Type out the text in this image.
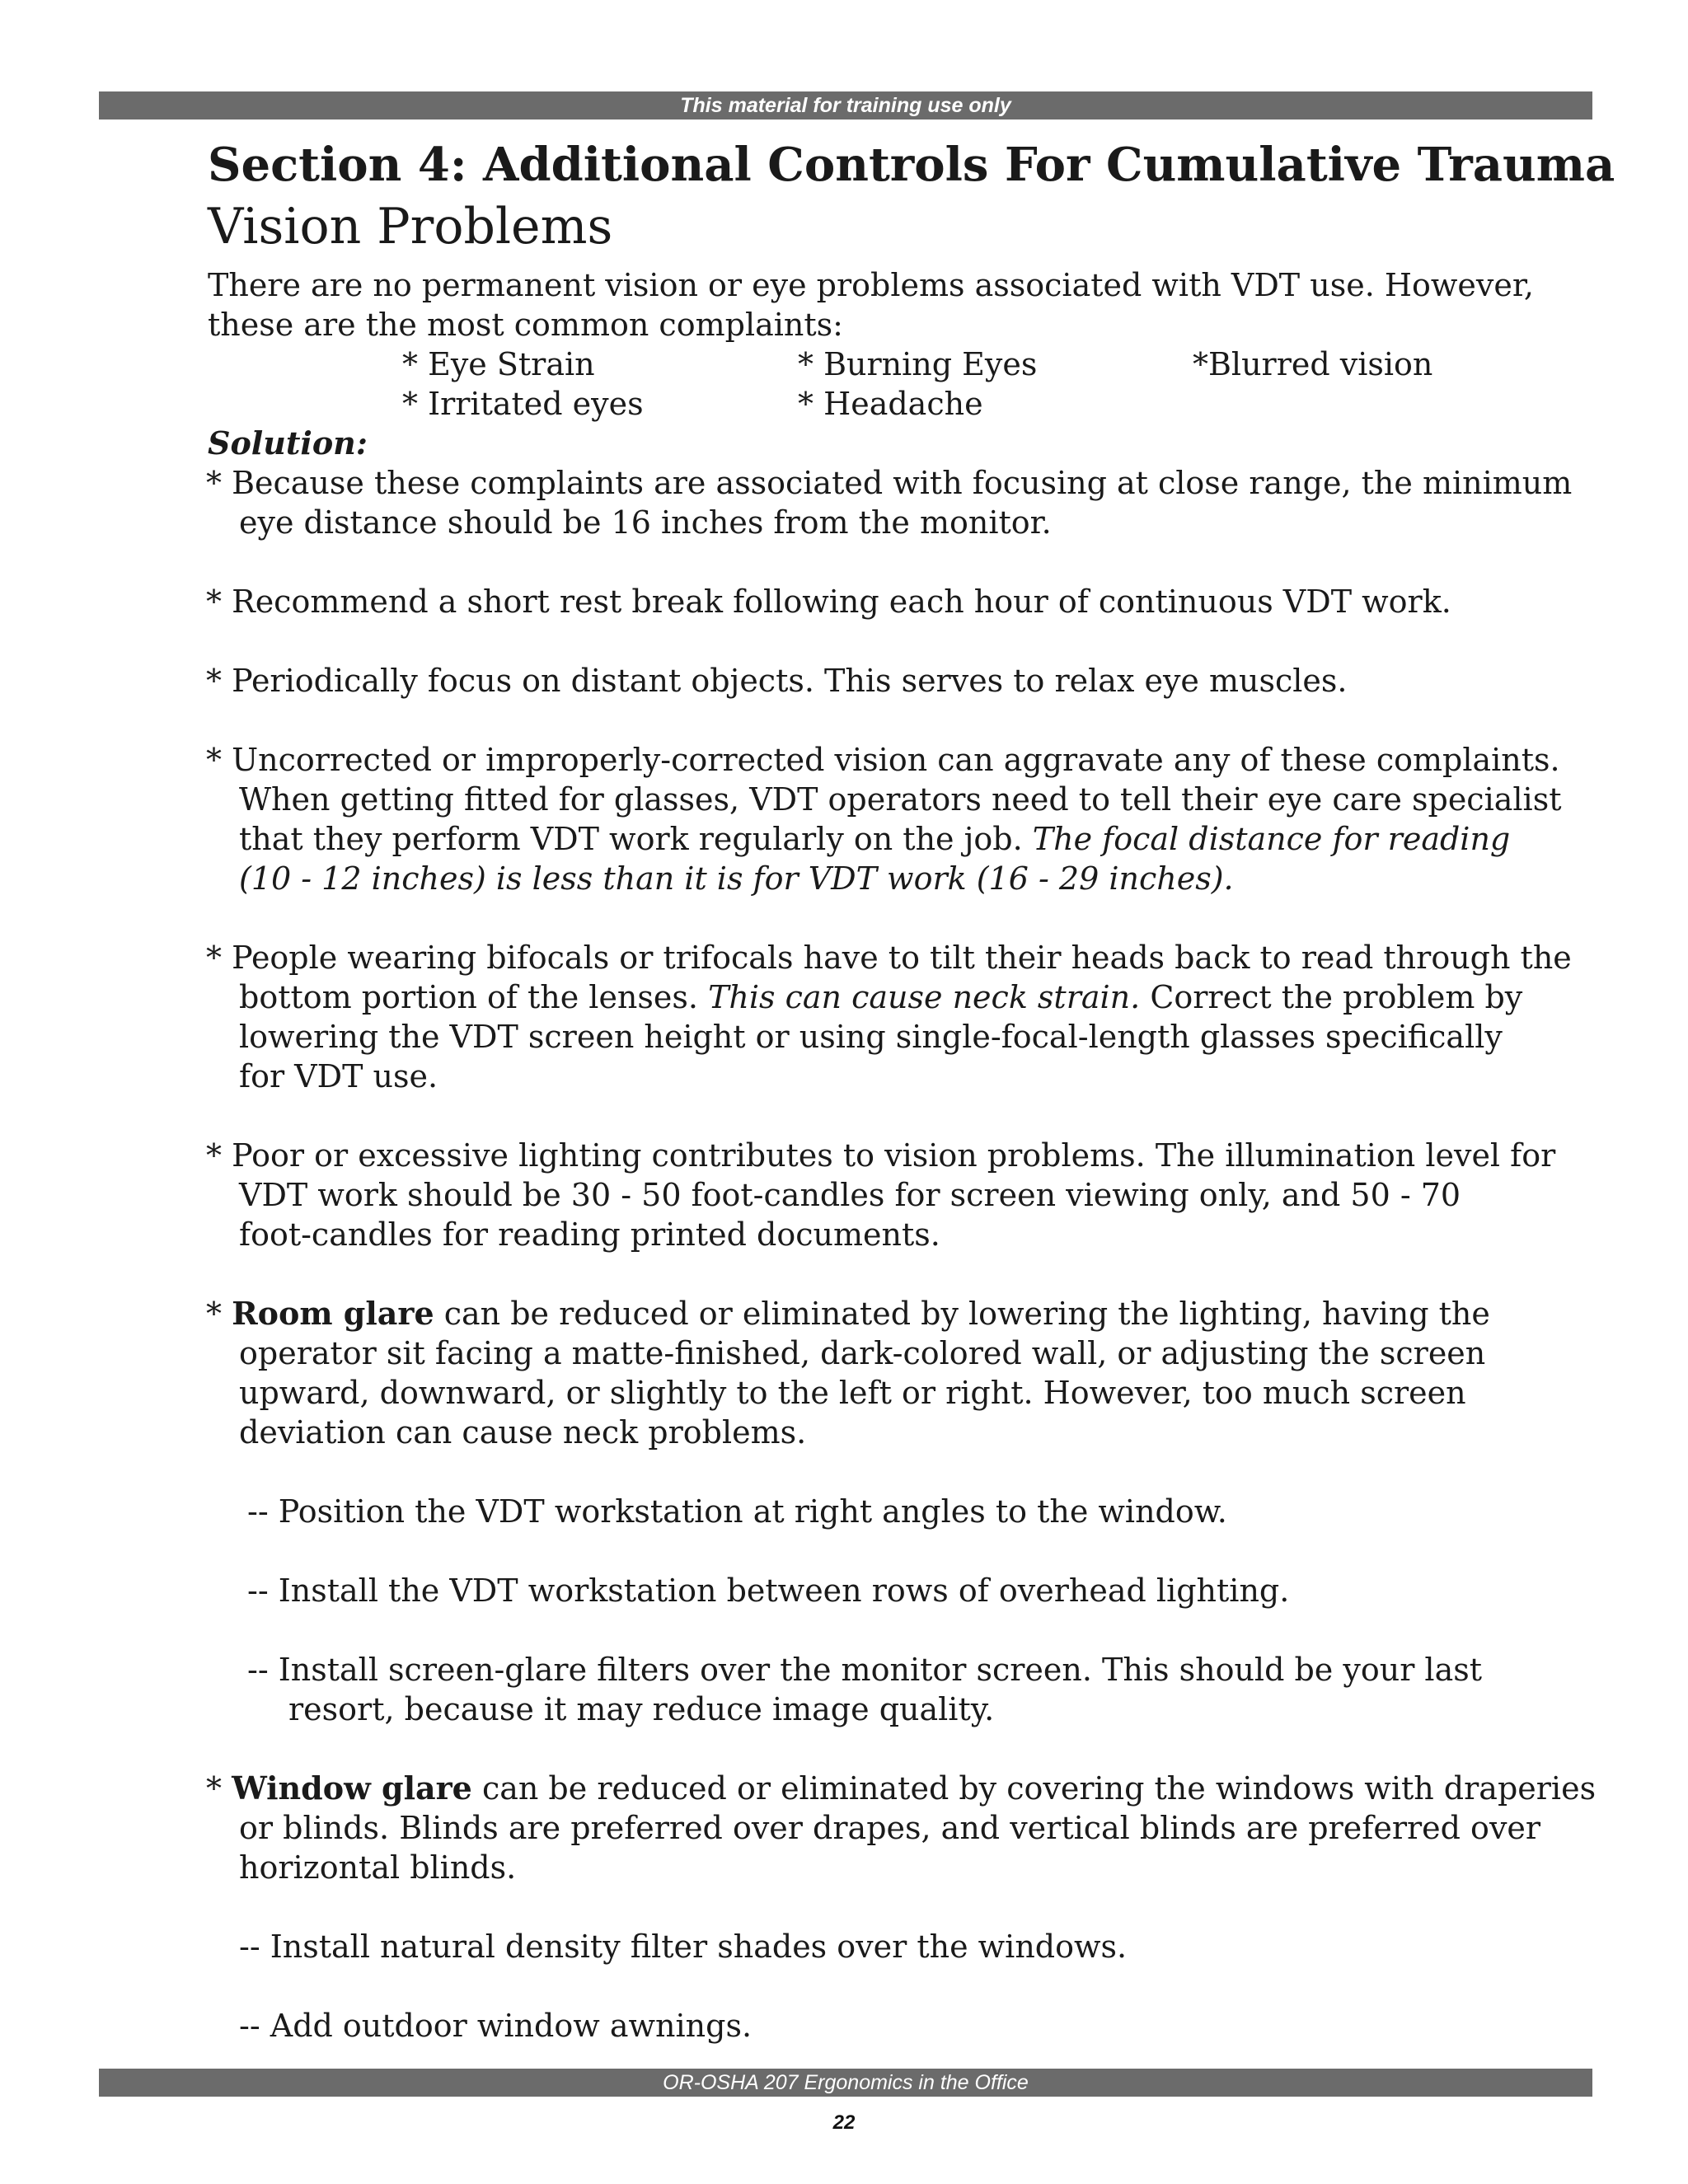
This material for training use only
Section 4: Additional Controls For Cumulative Trauma
Vision Problems
There are no permanent vision or eye problems associated with VDT use. However,
these are the most common complaints:
* Eye Strain	* Burning Eyes	*Blurred vision
* Irritated eyes	* Headache
Solution:
* Because these complaints are associated with focusing at close range, the minimum
eye distance should be 16 inches from the monitor.
* Recommend a short rest break following each hour of continuous VDT work.
* Periodically focus on distant objects. This serves to relax eye muscles.
* Uncorrected or improperly-corrected vision can aggravate any of these complaints.
When getting fitted for glasses, VDT operators need to tell their eye care specialist
that they perform VDT work regularly on the job. The focal distance for reading
(10 - 12 inches) is less than it is for VDT work (16 - 29 inches).
* People wearing bifocals or trifocals have to tilt their heads back to read through the
bottom portion of the lenses. This can cause neck strain. Correct the problem by
lowering the VDT screen height or using single-focal-length glasses specifically
for VDT use.
* Poor or excessive lighting contributes to vision problems. The illumination level for
VDT work should be 30 - 50 foot-candles for screen viewing only, and 50 - 70
foot-candles for reading printed documents.
* Room glare can be reduced or eliminated by lowering the lighting, having the
operator sit facing a matte-finished, dark-colored wall, or adjusting the screen
upward, downward, or slightly to the left or right. However, too much screen
deviation can cause neck problems.
-- Position the VDT workstation at right angles to the window.
-- Install the VDT workstation between rows of overhead lighting.
-- Install screen-glare filters over the monitor screen. This should be your last
resort, because it may reduce image quality.
* Window glare can be reduced or eliminated by covering the windows with draperies
or blinds. Blinds are preferred over drapes, and vertical blinds are preferred over
horizontal blinds.
-- Install natural density filter shades over the windows.
-- Add outdoor window awnings.
OR-OSHA 207 Ergonomics in the Office
22
